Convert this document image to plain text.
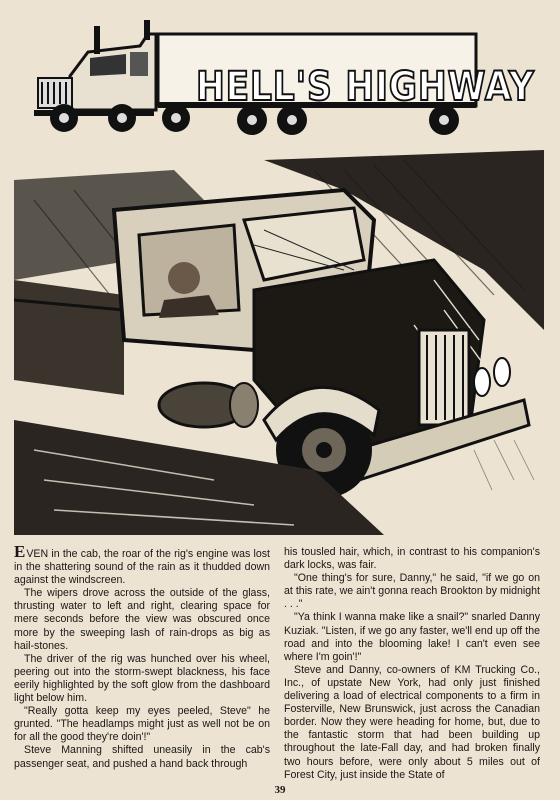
HELL'S HIGHWAY

EVEN in the cab, the roar of the rig's engine was lost in the shattering sound of the rain as it thudded down against the windscreen.

The wipers drove across the outside of the glass, thrusting water to left and right, clearing space for mere seconds before the view was obscured once more by the sweeping lash of rain-drops as big as hail-stones.

The driver of the rig was hunched over his wheel, peering out into the storm-swept blackness, his face eerily highlighted by the soft glow from the dashboard light below him.

"Really gotta keep my eyes peeled, Steve" he grunted. "The headlamps might just as well not be on for all the good they're doin'!"

Steve Manning shifted uneasily in the cab's passenger seat, and pushed a hand back through

his tousled hair, which, in contrast to his companion's dark locks, was fair.

"One thing's for sure, Danny," he said, "if we go on at this rate, we ain't gonna reach Brookton by midnight . . ."

"Ya think I wanna make like a snail?" snarled Danny Kuziak. "Listen, if we go any faster, we'll end up off the road and into the blooming lake! I can't even see where I'm goin'!"

Steve and Danny, co-owners of KM Trucking Co., Inc., of upstate New York, had only just finished delivering a load of electrical components to a firm in Fosterville, New Brunswick, just across the Canadian border. Now they were heading for home, but, due to the fantastic storm that had been building up throughout the late-Fall day, and had broken finally two hours before, were only about 5 miles out of Forest City, just inside the State of

39
